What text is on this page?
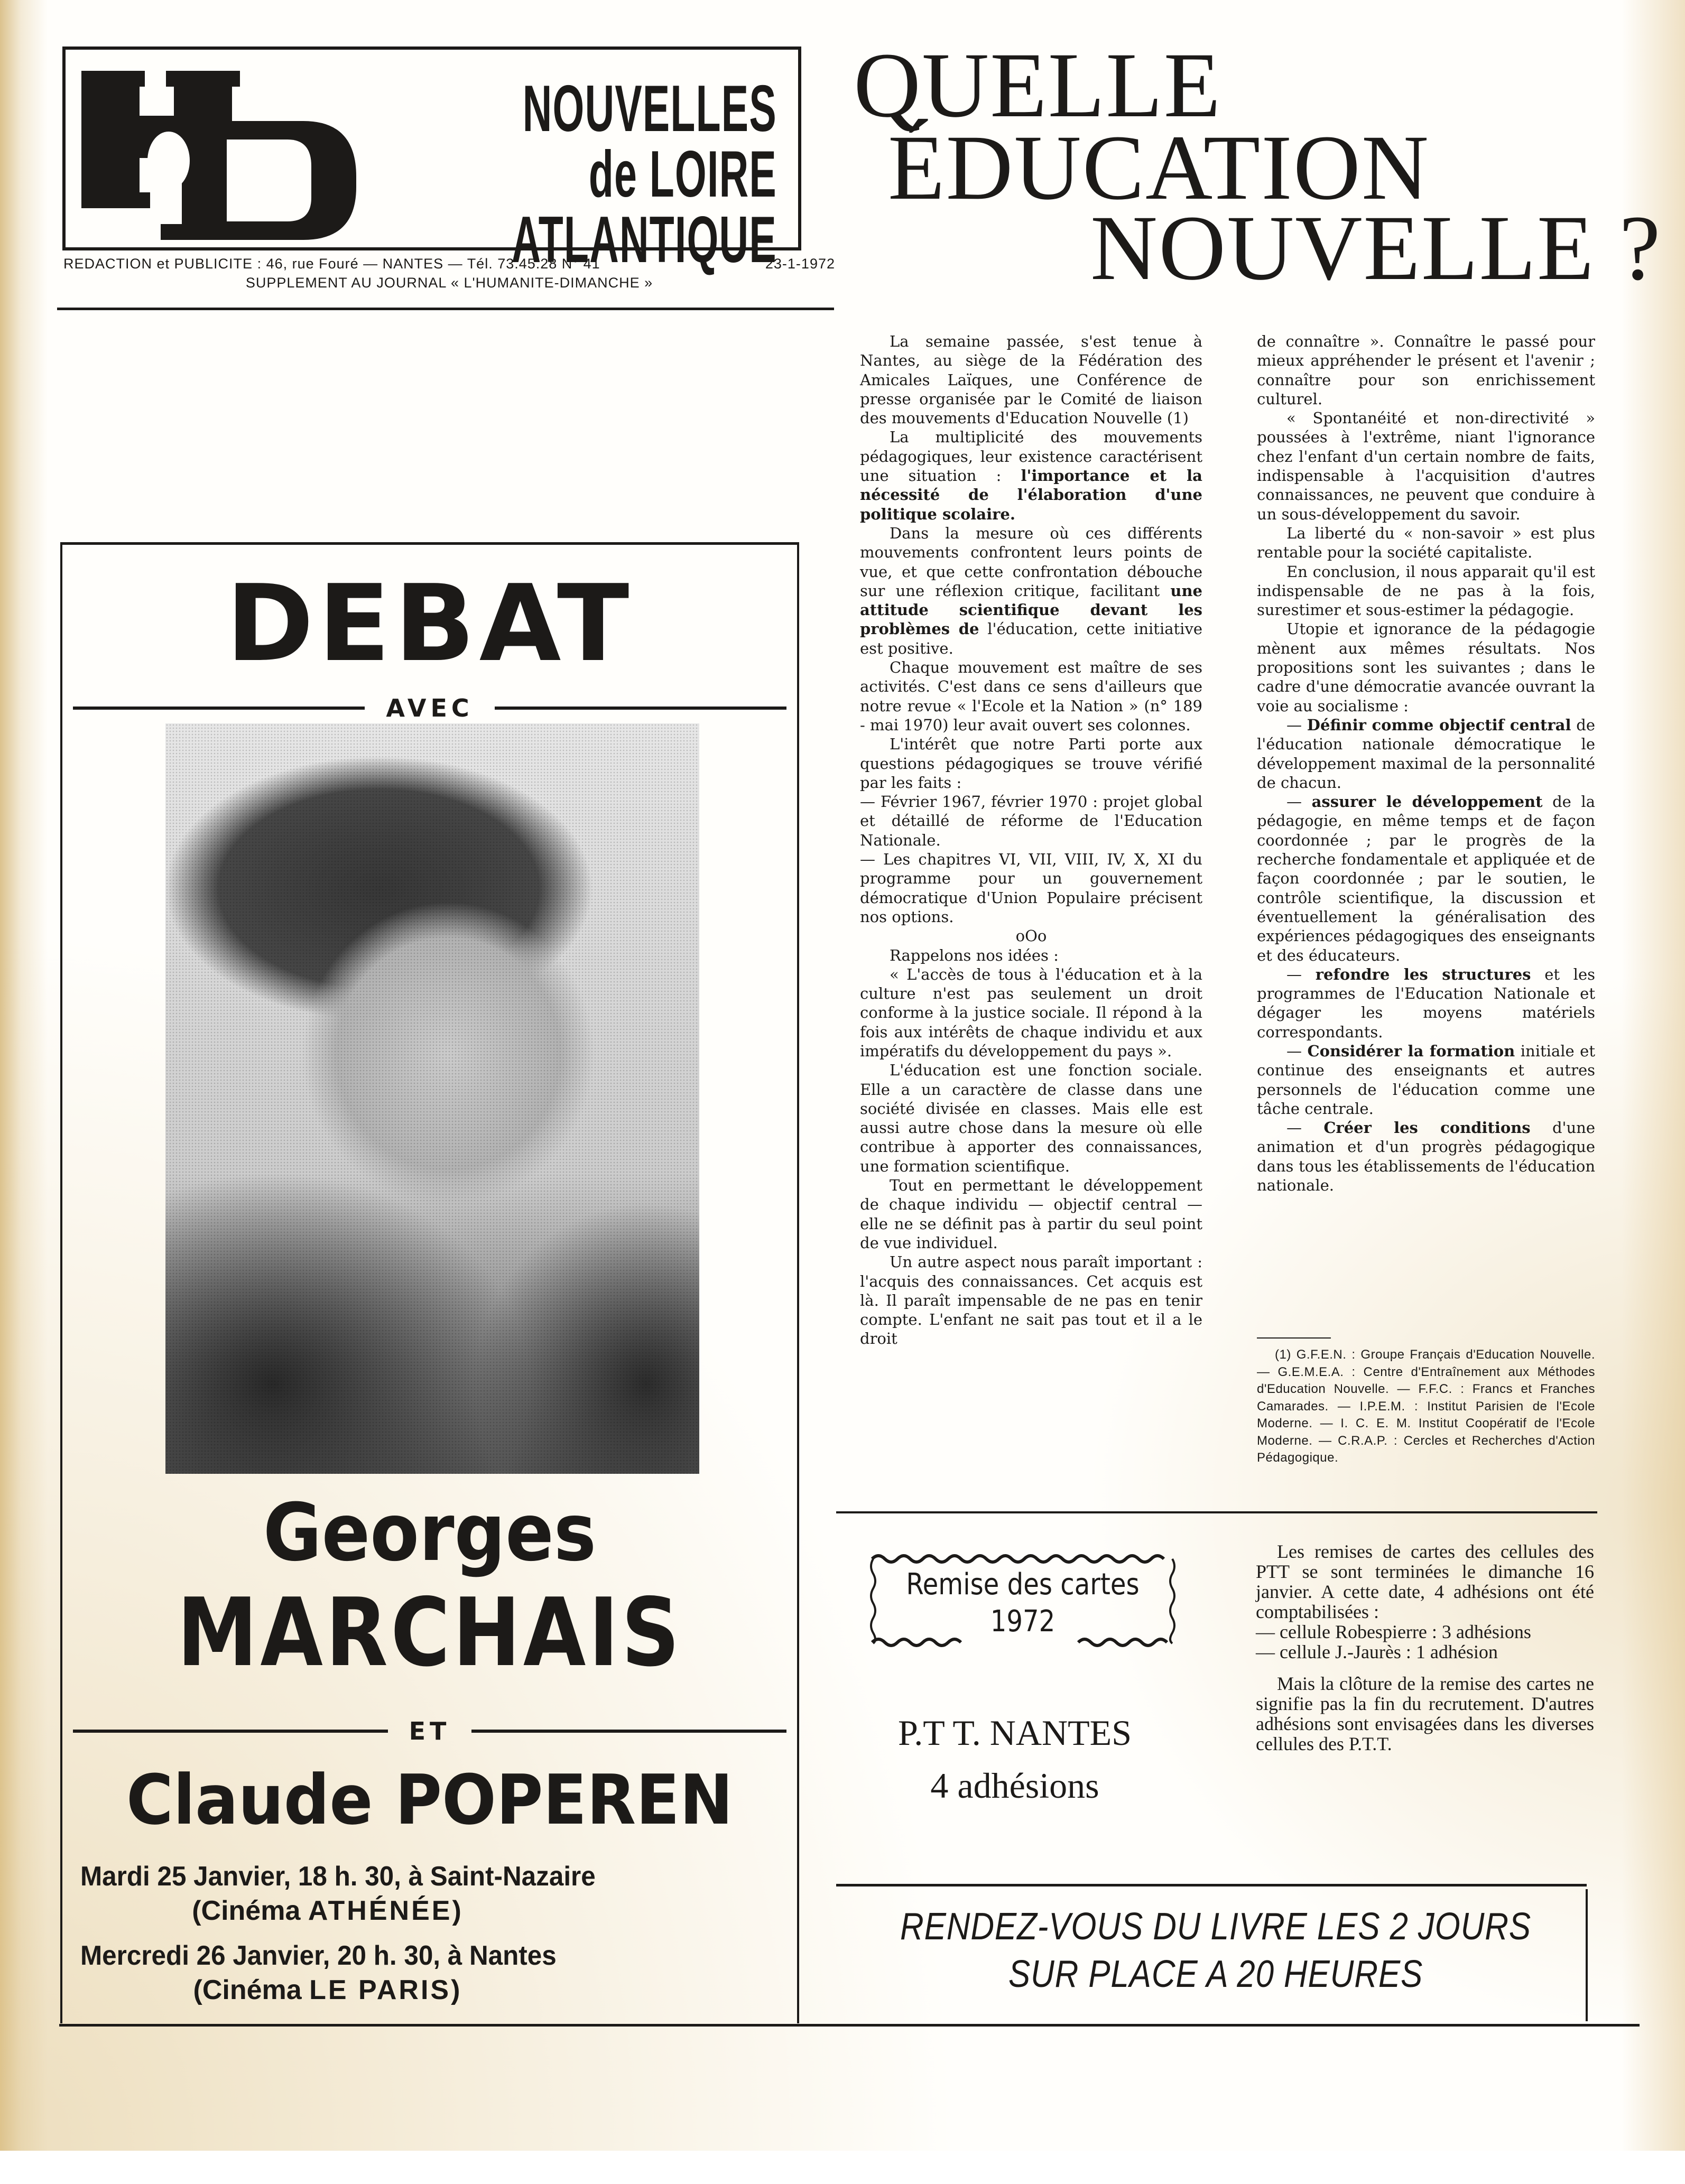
NOUVELLES
de LOIRE
ATLANTIQUE
REDACTION et PUBLICITE : 46, rue Fouré — NANTES — Tél. 73.45.28 N° 41	23-1-1972
SUPPLEMENT AU JOURNAL « L'HUMANITE-DIMANCHE »
DEBAT
AVEC
Georges
MARCHAIS
ET
Claude POPEREN
Mardi 25 Janvier, 18 h. 30, à Saint-Nazaire
(Cinéma ATHÉNÉE)
Mercredi 26 Janvier, 20 h. 30, à Nantes
(Cinéma LE PARIS)
QUELLE
ÉDUCATION
NOUVELLE ?

La semaine passée, s'est tenue à Nantes, au siège de la Fédération des Amicales Laïques, une Conférence de presse organisée par le Comité de liaison des mouvements d'Education Nouvelle (1)

La multiplicité des mouvements pédagogiques, leur existence caractérisent une situation : l'importance et la nécessité de l'élaboration d'une politique scolaire.

Dans la mesure où ces différents mouvements confrontent leurs points de vue, et que cette confrontation débouche sur une réflexion critique, facilitant une attitude scientifique devant les problèmes de l'éducation, cette initiative est positive.

Chaque mouvement est maître de ses activités. C'est dans ce sens d'ailleurs que notre revue « l'Ecole et la Nation » (n° 189 - mai 1970) leur avait ouvert ses colonnes.

L'intérêt que notre Parti porte aux questions pédagogiques se trouve vérifié par les faits :

— Février 1967, février 1970 : projet global et détaillé de réforme de l'Education Nationale.

— Les chapitres VI, VII, VIII, IV, X, XI du programme pour un gouvernement démocratique d'Union Populaire précisent nos options.

oOo

Rappelons nos idées :

« L'accès de tous à l'éducation et à la culture n'est pas seulement un droit conforme à la justice sociale. Il répond à la fois aux intérêts de chaque individu et aux impératifs du développement du pays ».

L'éducation est une fonction sociale. Elle a un caractère de classe dans une société divisée en classes. Mais elle est aussi autre chose dans la mesure où elle contribue à apporter des connaissances, une formation scientifique.

Tout en permettant le développement de chaque individu — objectif central — elle ne se définit pas à partir du seul point de vue individuel.

Un autre aspect nous paraît important : l'acquis des connaissances. Cet acquis est là. Il paraît impensable de ne pas en tenir compte. L'enfant ne sait pas tout et il a le droit

de connaître ». Connaître le passé pour mieux appréhender le présent et l'avenir ; connaître pour son enrichissement culturel.

« Spontanéité et non-directivité » poussées à l'extrême, niant l'ignorance chez l'enfant d'un certain nombre de faits, indispensable à l'acquisition d'autres connaissances, ne peuvent que conduire à un sous-développement du savoir.

La liberté du « non-savoir » est plus rentable pour la société capitaliste.

En conclusion, il nous apparait qu'il est indispensable de ne pas à la fois, surestimer et sous-estimer la pédagogie.

Utopie et ignorance de la pédagogie mènent aux mêmes résultats. Nos propositions sont les suivantes ; dans le cadre d'une démocratie avancée ouvrant la voie au socialisme :

— Définir comme objectif central de l'éducation nationale démocratique le développement maximal de la personnalité de chacun.

— assurer le développement de la pédagogie, en même temps et de façon coordonnée ; par le progrès de la recherche fondamentale et appliquée et de façon coordonnée ; par le soutien, le contrôle scientifique, la discussion et éventuellement la généralisation des expériences pédagogiques des enseignants et des éducateurs.

— refondre les structures et les programmes de l'Education Nationale et dégager les moyens matériels correspondants.

— Considérer la formation initiale et continue des enseignants et autres personnels de l'éducation comme une tâche centrale.

— Créer les conditions d'une animation et d'un progrès pédagogique dans tous les établissements de l'éducation nationale.

(1) G.F.E.N. : Groupe Français d'Education Nouvelle. — G.E.M.E.A. : Centre d'Entraînement aux Méthodes d'Education Nouvelle. — F.F.C. : Francs et Franches Camarades. — I.P.E.M. : Institut Parisien de l'Ecole Moderne. — I. C. E. M. Institut Coopératif de l'Ecole Moderne. — C.R.A.P. : Cercles et Recherches d'Action Pédagogique.

Remise des cartes
1972
P.T T. NANTES
4 adhésions

Les remises de cartes des cellules des PTT se sont terminées le dimanche 16 janvier. A cette date, 4 adhésions ont été comptabilisées :

— cellule Robespierre : 3 adhésions

— cellule J.-Jaurès : 1 adhésion

Mais la clôture de la remise des cartes ne signifie pas la fin du recrutement. D'autres adhésions sont envisagées dans les diverses cellules des P.T.T.

RENDEZ-VOUS DU LIVRE LES 2 JOURS
SUR PLACE A 20 HEURES
